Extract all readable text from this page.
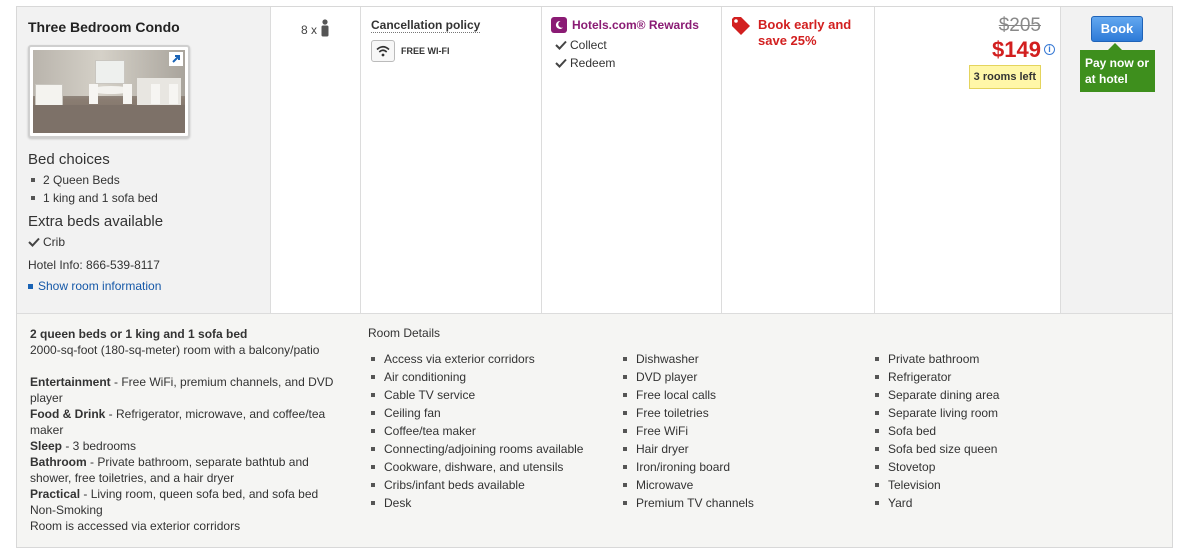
Three Bedroom Condo
Bed choices
2 Queen Beds
1 king and 1 sofa bed
Extra beds available
Crib
Hotel Info: 866-539-8117
Show room information
8 x	Cancellation policy
FREE WI-FI
Hotels.com® Rewards
Collect
Redeem
Book early and save 25%
$205
$149 i
3 rooms left
Book
Pay now or at hotel

2 queen beds or 1 king and 1 sofa bed

2000-sq-foot (180-sq-meter) room with a balcony/patio

Entertainment - Free WiFi, premium channels, and DVD player

Food & Drink - Refrigerator, microwave, and coffee/tea maker

Sleep - 3 bedrooms

Bathroom - Private bathroom, separate bathtub and shower, free toiletries, and a hair dryer

Practical - Living room, queen sofa bed, and sofa bed

Non-Smoking

Room is accessed via exterior corridors

Room Details
Access via exterior corridors
Air conditioning
Cable TV service
Ceiling fan
Coffee/tea maker
Connecting/adjoining rooms available
Cookware, dishware, and utensils
Cribs/infant beds available
Desk
Dishwasher
DVD player
Free local calls
Free toiletries
Free WiFi
Hair dryer
Iron/ironing board
Microwave
Premium TV channels
Private bathroom
Refrigerator
Separate dining area
Separate living room
Sofa bed
Sofa bed size queen
Stovetop
Television
Yard
